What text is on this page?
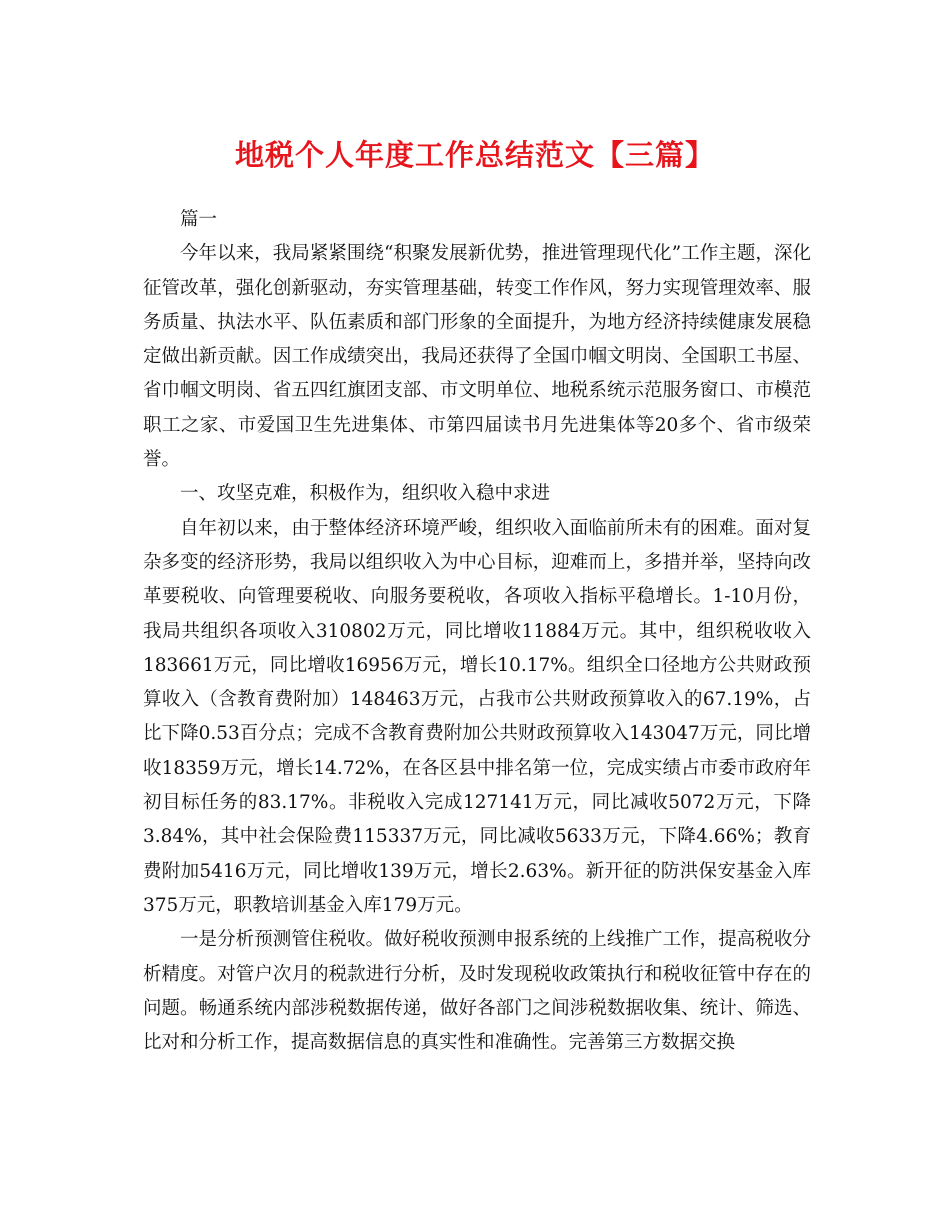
地税个人年度工作总结范文【三篇】

篇一

今年以来，我局紧紧围绕“积聚发展新优势，推进管理现代化”工作主题，深化征管改革，强化创新驱动，夯实管理基础，转变工作作风，努力实现管理效率、服务质量、执法水平、队伍素质和部门形象的全面提升，为地方经济持续健康发展稳定做出新贡献。因工作成绩突出，我局还获得了全国巾帼文明岗、全国职工书屋、省巾帼文明岗、省五四红旗团支部、市文明单位、地税系统示范服务窗口、市模范职工之家、市爱国卫生先进集体、市第四届读书月先进集体等20多个、省市级荣誉。

一、攻坚克难，积极作为，组织收入稳中求进

自年初以来，由于整体经济环境严峻，组织收入面临前所未有的困难。面对复杂多变的经济形势，我局以组织收入为中心目标，迎难而上，多措并举，坚持向改革要税收、向管理要税收、向服务要税收，各项收入指标平稳增长。1-10月份，我局共组织各项收入310802万元，同比增收11884万元。其中，组织税收收入183661万元，同比增收16956万元，增长10.17%。组织全口径地方公共财政预算收入（含教育费附加）148463万元，占我市公共财政预算收入的67.19%，占比下降0.53百分点；完成不含教育费附加公共财政预算收入143047万元，同比增收18359万元，增长14.72%，在各区县中排名第一位，完成实绩占市委市政府年初目标任务的83.17%。非税收入完成127141万元，同比减收5072万元，下降3.84%，其中社会保险费115337万元，同比减收5633万元，下降4.66%；教育费附加5416万元，同比增收139万元，增长2.63%。新开征的防洪保安基金入库375万元，职教培训基金入库179万元。

一是分析预测管住税收。做好税收预测申报系统的上线推广工作，提高税收分析精度。对管户次月的税款进行分析，及时发现税收政策执行和税收征管中存在的问题。畅通系统内部涉税数据传递，做好各部门之间涉税数据收集、统计、筛选、比对和分析工作，提高数据信息的真实性和准确性。完善第三方数据交换
